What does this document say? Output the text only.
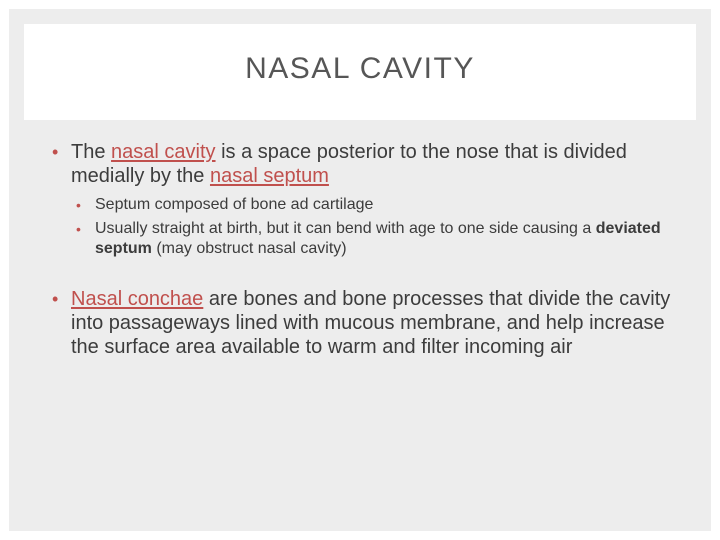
NASAL CAVITY
• The nasal cavity is a space posterior to the nose that is divided medially by the nasal septum
• Septum composed of bone ad cartilage
• Usually straight at birth, but it can bend with age to one side causing a deviated septum (may obstruct nasal cavity)
• Nasal conchae are bones and bone processes that divide the cavity into passageways lined with mucous membrane, and help increase the surface area available to warm and filter incoming air
